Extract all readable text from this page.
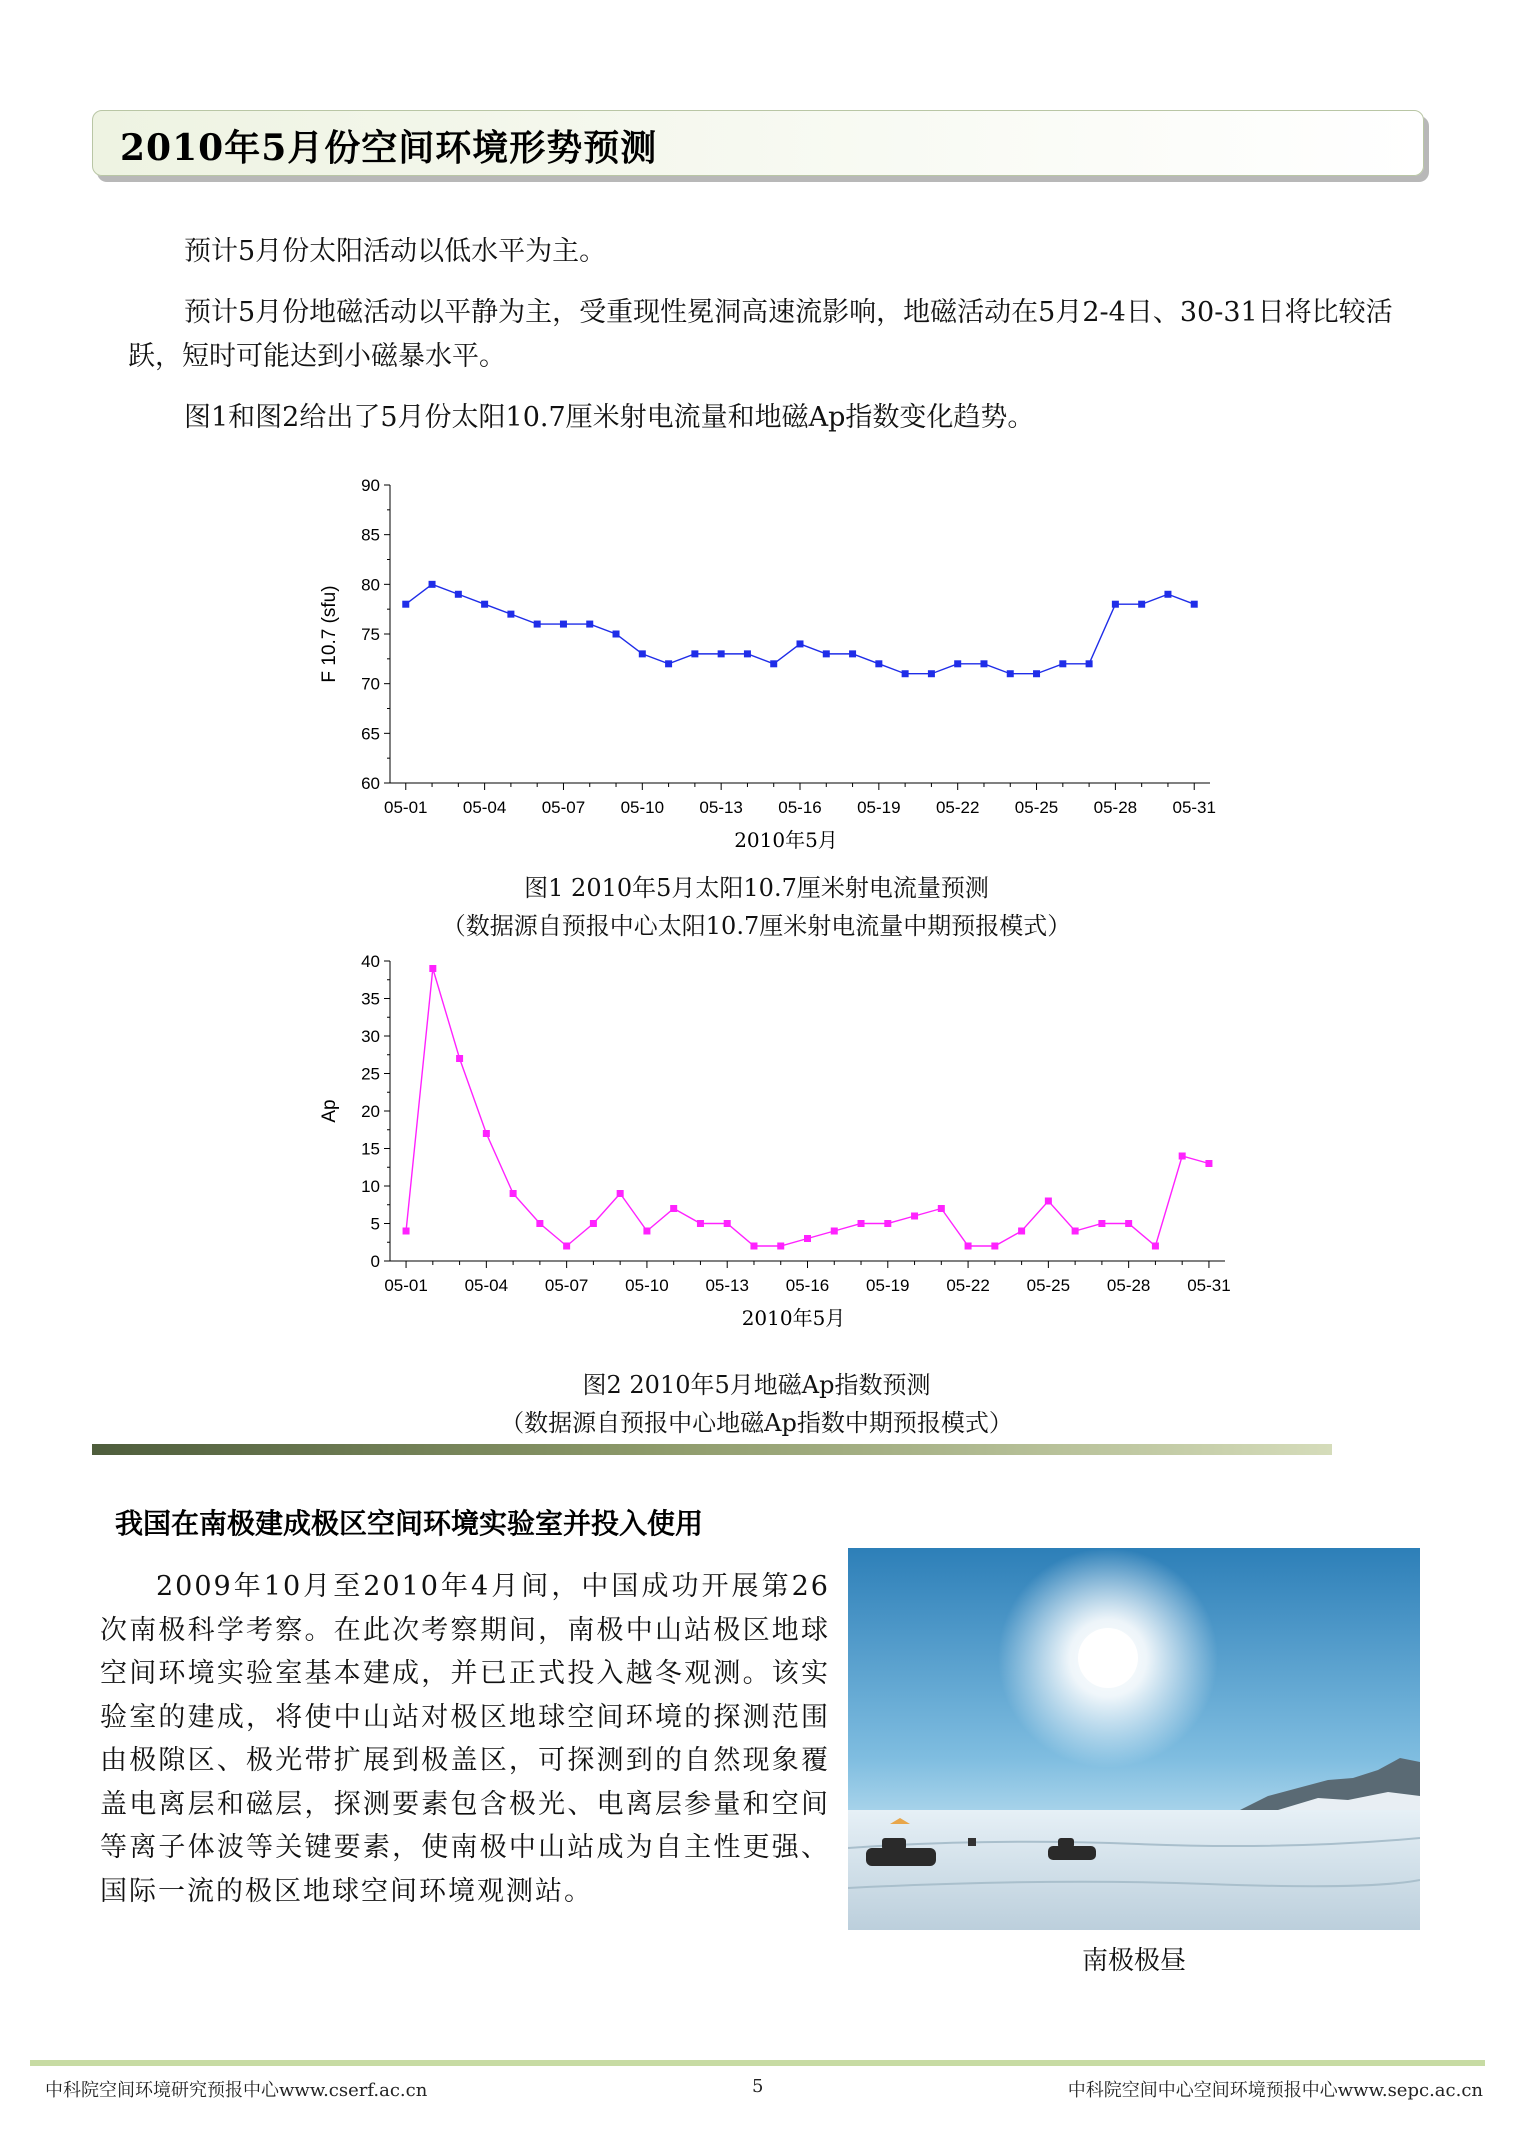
2010年5月份空间环境形势预测

预计5月份太阳活动以低水平为主。

预计5月份地磁活动以平静为主，受重现性冕洞高速流影响，地磁活动在5月2-4日、30-31日将比较活跃，短时可能达到小磁暴水平。

图1和图2给出了5月份太阳10.7厘米射电流量和地磁Ap指数变化趋势。

60
65
70
75
80
85
90
05-01 05-04 05-07 05-10 05-13 05-16 05-19 05-22 05-25 05-28 05-31
2010年5月
F 10.7 (sfu)
图1 2010年5月太阳10.7厘米射电流量预测
（数据源自预报中心太阳10.7厘米射电流量中期预报模式）
0
5
10
15
20
25
30
35
40
05-01 05-04 05-07 05-10 05-13 05-16 05-19 05-22 05-25 05-28 05-31
2010年5月
Ap
图2 2010年5月地磁Ap指数预测
（数据源自预报中心地磁Ap指数中期预报模式）
我国在南极建成极区空间环境实验室并投入使用
2009年10月至2010年4月间，中国成功开展第26次南极科学考察。在此次考察期间，南极中山站极区地球空间环境实验室基本建成，并已正式投入越冬观测。该实验室的建成，将使中山站对极区地球空间环境的探测范围由极隙区、极光带扩展到极盖区，可探测到的自然现象覆盖电离层和磁层，探测要素包含极光、电离层参量和空间等离子体波等关键要素，使南极中山站成为自主性更强、国际一流的极区地球空间环境观测站。
南极极昼
中科院空间环境研究预报中心www.cserf.ac.cn	5	中科院空间中心空间环境预报中心www.sepc.ac.cn
